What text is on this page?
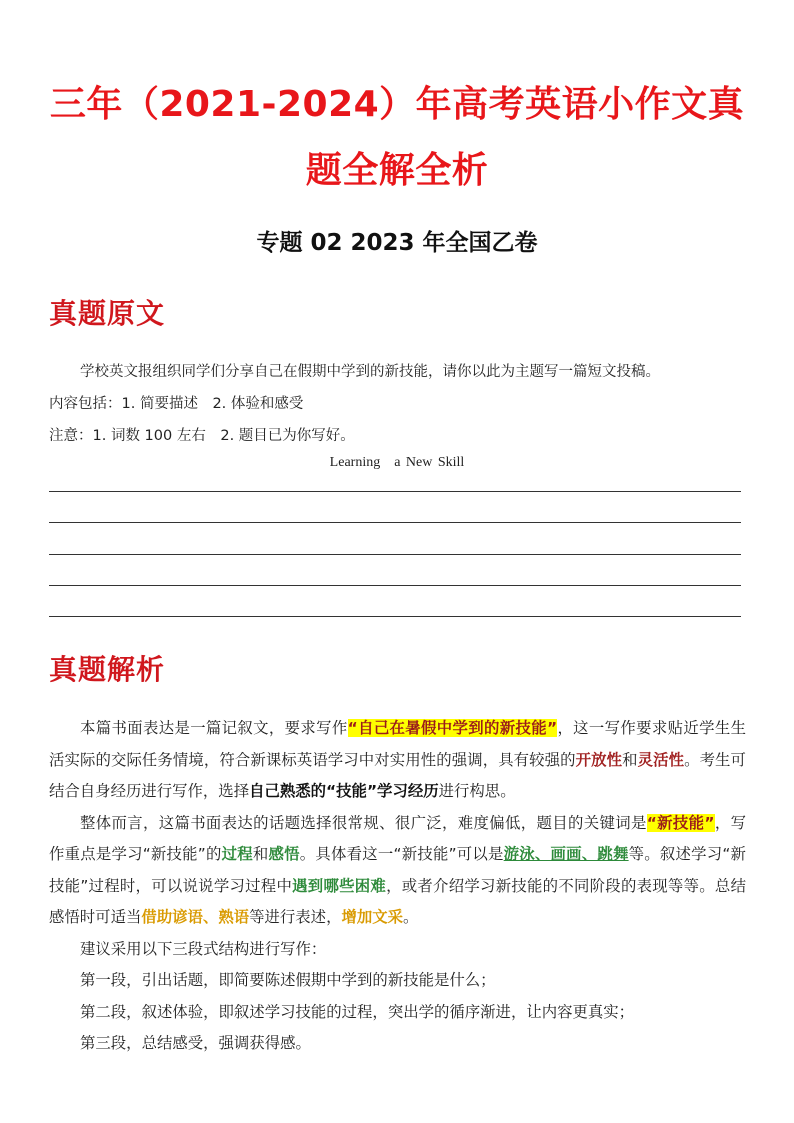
三年（2021-2024）年高考英语小作文真题全解全析
专题 02 2023 年全国乙卷
真题原文
学校英文报组织同学们分享自己在假期中学到的新技能，请你以此为主题写一篇短文投稿。
内容包括：1. 简要描述　2. 体验和感受
注意：1. 词数 100 左右　2. 题目已为你写好。
Learning　a New Skill
真题解析

本篇书面表达是一篇记叙文，要求写作“自己在暑假中学到的新技能”，这一写作要求贴近学生生活实际的交际任务情境，符合新课标英语学习中对实用性的强调，具有较强的开放性和灵活性。考生可结合自身经历进行写作，选择自己熟悉的“技能”学习经历进行构思。

整体而言，这篇书面表达的话题选择很常规、很广泛，难度偏低，题目的关键词是“新技能”，写作重点是学习“新技能”的过程和感悟。具体看这一“新技能”可以是游泳、画画、跳舞等。叙述学习“新技能”过程时，可以说说学习过程中遇到哪些困难，或者介绍学习新技能的不同阶段的表现等等。总结感悟时可适当借助谚语、熟语等进行表述，增加文采。

建议采用以下三段式结构进行写作：

第一段，引出话题，即简要陈述假期中学到的新技能是什么；

第二段，叙述体验，即叙述学习技能的过程，突出学的循序渐进，让内容更真实；

第三段，总结感受，强调获得感。
